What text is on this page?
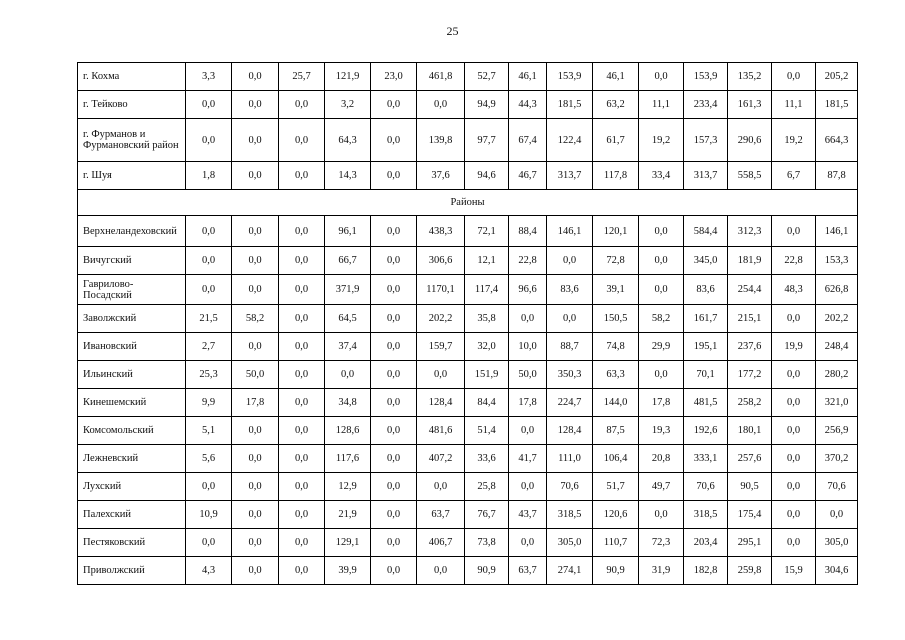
25
г. Кохма	3,3	0,0	25,7	121,9	23,0	461,8	52,7	46,1	153,9	46,1	0,0	153,9	135,2	0,0	205,2
г. Тейково	0,0	0,0	0,0	3,2	0,0	0,0	94,9	44,3	181,5	63,2	11,1	233,4	161,3	11,1	181,5
г. Фурманов и Фурмановский район	0,0	0,0	0,0	64,3	0,0	139,8	97,7	67,4	122,4	61,7	19,2	157,3	290,6	19,2	664,3
г. Шуя	1,8	0,0	0,0	14,3	0,0	37,6	94,6	46,7	313,7	117,8	33,4	313,7	558,5	6,7	87,8
Районы															
Верхнеландеховский	0,0	0,0	0,0	96,1	0,0	438,3	72,1	88,4	146,1	120,1	0,0	584,4	312,3	0,0	146,1
Вичугский	0,0	0,0	0,0	66,7	0,0	306,6	12,1	22,8	0,0	72,8	0,0	345,0	181,9	22,8	153,3
Гаврилово-Посадский	0,0	0,0	0,0	371,9	0,0	1170,1	117,4	96,6	83,6	39,1	0,0	83,6	254,4	48,3	626,8
Заволжский	21,5	58,2	0,0	64,5	0,0	202,2	35,8	0,0	0,0	150,5	58,2	161,7	215,1	0,0	202,2
Ивановский	2,7	0,0	0,0	37,4	0,0	159,7	32,0	10,0	88,7	74,8	29,9	195,1	237,6	19,9	248,4
Ильинский	25,3	50,0	0,0	0,0	0,0	0,0	151,9	50,0	350,3	63,3	0,0	70,1	177,2	0,0	280,2
Кинешемский	9,9	17,8	0,0	34,8	0,0	128,4	84,4	17,8	224,7	144,0	17,8	481,5	258,2	0,0	321,0
Комсомольский	5,1	0,0	0,0	128,6	0,0	481,6	51,4	0,0	128,4	87,5	19,3	192,6	180,1	0,0	256,9
Лежневский	5,6	0,0	0,0	117,6	0,0	407,2	33,6	41,7	111,0	106,4	20,8	333,1	257,6	0,0	370,2
Лухский	0,0	0,0	0,0	12,9	0,0	0,0	25,8	0,0	70,6	51,7	49,7	70,6	90,5	0,0	70,6
Палехский	10,9	0,0	0,0	21,9	0,0	63,7	76,7	43,7	318,5	120,6	0,0	318,5	175,4	0,0	0,0
Пестяковский	0,0	0,0	0,0	129,1	0,0	406,7	73,8	0,0	305,0	110,7	72,3	203,4	295,1	0,0	305,0
Приволжский	4,3	0,0	0,0	39,9	0,0	0,0	90,9	63,7	274,1	90,9	31,9	182,8	259,8	15,9	304,6
